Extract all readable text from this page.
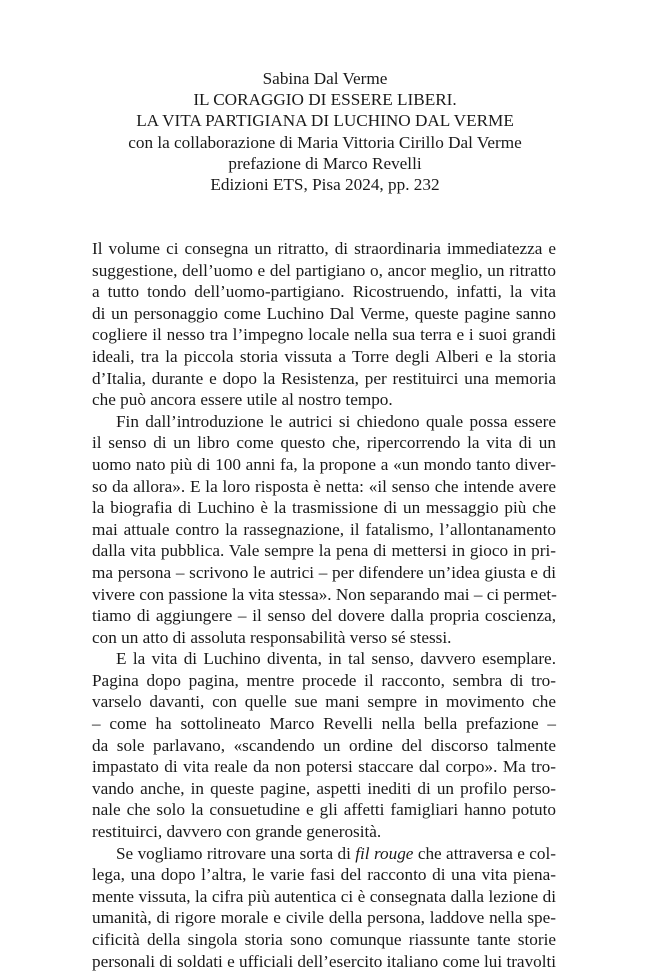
Sabina Dal Verme
IL CORAGGIO DI ESSERE LIBERI.
LA VITA PARTIGIANA DI LUCHINO DAL VERME
con la collaborazione di Maria Vittoria Cirillo Dal Verme
prefazione di Marco Revelli
Edizioni ETS, Pisa 2024, pp. 232
Il volume ci consegna un ritratto, di straordinaria immediatezza e
suggestione, dell’uomo e del partigiano o, ancor meglio, un ritratto
a tutto tondo dell’uomo-partigiano. Ricostruendo, infatti, la vita
di un personaggio come Luchino Dal Verme, queste pagine sanno
cogliere il nesso tra l’impegno locale nella sua terra e i suoi grandi
ideali, tra la piccola storia vissuta a Torre degli Alberi e la storia
d’Italia, durante e dopo la Resistenza, per restituirci una memoria
che può ancora essere utile al nostro tempo.
Fin dall’introduzione le autrici si chiedono quale possa essere
il senso di un libro come questo che, ripercorrendo la vita di un
uomo nato più di 100 anni fa, la propone a «un mondo tanto diver-
so da allora». E la loro risposta è netta: «il senso che intende avere
la biografia di Luchino è la trasmissione di un messaggio più che
mai attuale contro la rassegnazione, il fatalismo, l’allontanamento
dalla vita pubblica. Vale sempre la pena di mettersi in gioco in pri-
ma persona – scrivono le autrici – per difendere un’idea giusta e di
vivere con passione la vita stessa». Non separando mai – ci permet-
tiamo di aggiungere – il senso del dovere dalla propria coscienza,
con un atto di assoluta responsabilità verso sé stessi.
E la vita di Luchino diventa, in tal senso, davvero esemplare.
Pagina dopo pagina, mentre procede il racconto, sembra di tro-
varselo davanti, con quelle sue mani sempre in movimento che
– come ha sottolineato Marco Revelli nella bella prefazione –
da sole parlavano, «scandendo un ordine del discorso talmente
impastato di vita reale da non potersi staccare dal corpo». Ma tro-
vando anche, in queste pagine, aspetti inediti di un profilo perso-
nale che solo la consuetudine e gli affetti famigliari hanno potuto
restituirci, davvero con grande generosità.
Se vogliamo ritrovare una sorta di fil rouge che attraversa e col-
lega, una dopo l’altra, le varie fasi del racconto di una vita piena-
mente vissuta, la cifra più autentica ci è consegnata dalla lezione di
umanità, di rigore morale e civile della persona, laddove nella spe-
cificità della singola storia sono comunque riassunte tante storie
personali di soldati e ufficiali dell’esercito italiano come lui travolti
